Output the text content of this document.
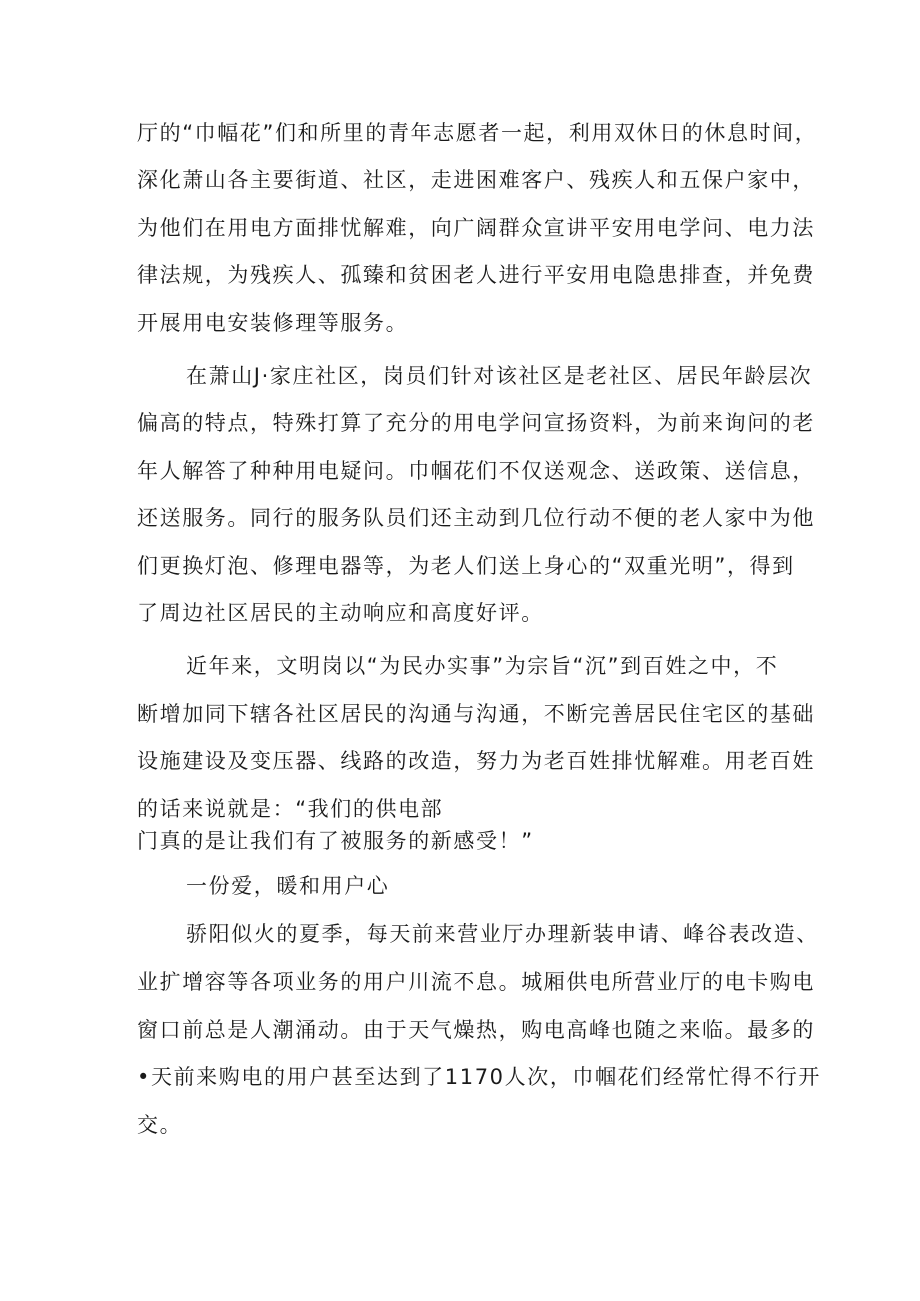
厅的“巾幅花”们和所里的青年志愿者一起，利用双休日的休息时间，

深化萧山各主要街道、社区，走进困难客户、残疾人和五保户家中，

为他们在用电方面排忧解难，向广阔群众宣讲平安用电学问、电力法

律法规，为残疾人、孤臻和贫困老人进行平安用电隐患排查，并免费

开展用电安装修理等服务。

在萧山J·家庄社区，岗员们针对该社区是老社区、居民年龄层次

偏高的特点，特殊打算了充分的用电学问宣扬资料，为前来询问的老

年人解答了种种用电疑问。巾帼花们不仅送观念、送政策、送信息，

还送服务。同行的服务队员们还主动到几位行动不便的老人家中为他

们更换灯泡、修理电器等，为老人们送上身心的“双重光明”，得到

了周边社区居民的主动响应和高度好评。

近年来，文明岗以“为民办实事”为宗旨“沉”到百姓之中，不

断增加同下辖各社区居民的沟通与沟通，不断完善居民住宅区的基础

设施建设及变压器、线路的改造，努力为老百姓排忧解难。用老百姓

的话来说就是：“我们的供电部

门真的是让我们有了被服务的新感受！”

一份爱，暖和用户心

骄阳似火的夏季，每天前来营业厅办理新装申请、峰谷表改造、

业扩增容等各项业务的用户川流不息。城厢供电所营业厅的电卡购电

窗口前总是人潮涌动。由于天气燥热，购电高峰也随之来临。最多的

•天前来购电的用户甚至达到了1170人次，巾帼花们经常忙得不行开

交。
